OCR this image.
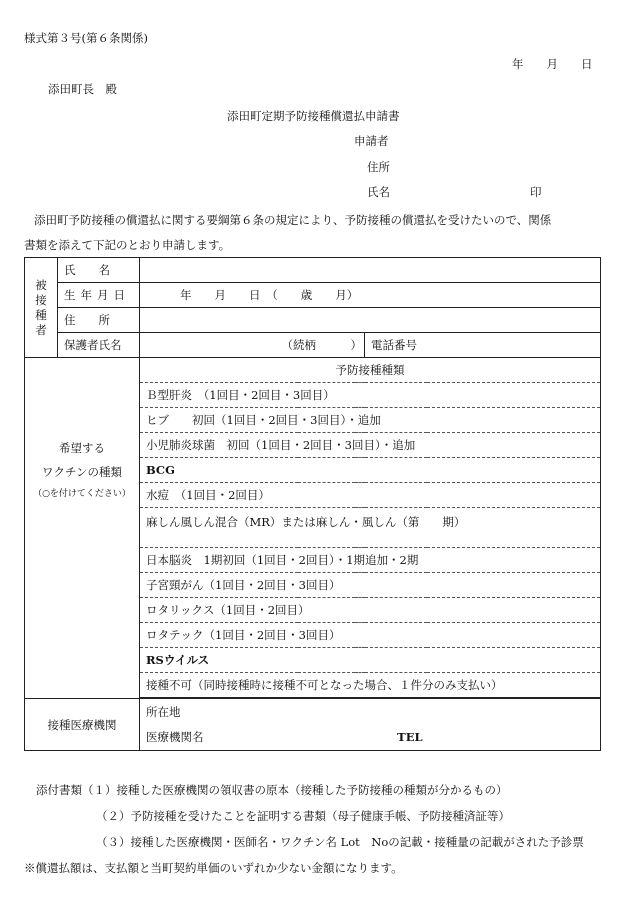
様式第３号(第６条関係)
年　　月　　日
添田町長　殿
添田町定期予防接種償還払申請書
申請者
住所
氏名	印
添田町予防接種の償還払に関する要綱第６条の規定により、予防接種の償還払を受けたいので、関係
書類を添えて下記のとおり申請します。
被接種者	氏　　名			
	生年月日	年　　月　　日　（　　歳　　月）		
	住　　所			
	保護者氏名	（続柄　　　）	電話番号	

希望する
ワクチンの種類
（○を付けてください）		予防接種種類		
		Ｂ型肝炎　（1回目・2回目・3回目）		
		ヒブ　　初回（1回目・2回目・3回目）・追加		
		小児肺炎球菌　初回（1回目・2回目・3回目）・追加		
		BCG		
		水痘　（1回目・2回目）		
		麻しん風しん混合（MR）または麻しん・風しん（第　　期）		
		日本脳炎　1期初回（1回目・2回目）・1期追加・2期		
		子宮頸がん（1回目・2回目・3回目）		
		ロタリックス（1回目・2回目）		
		ロタテック（1回目・2回目・3回目）		
		RSウイルス		
		接種不可（同時接種時に接種不可となった場合、１件分のみ支払い）		

接種医療機関		所在地		
		医療機関名 TEL		
添付書類（１）接種した医療機関の領収書の原本（接種した予防接種の種類が分かるもの）
（２）予防接種を受けたことを証明する書類（母子健康手帳、予防接種済証等）
（３）接種した医療機関・医師名・ワクチン名 Lot　Noの記載・接種量の記載がされた予診票
※償還払額は、支払額と当町契約単価のいずれか少ない金額になります。
